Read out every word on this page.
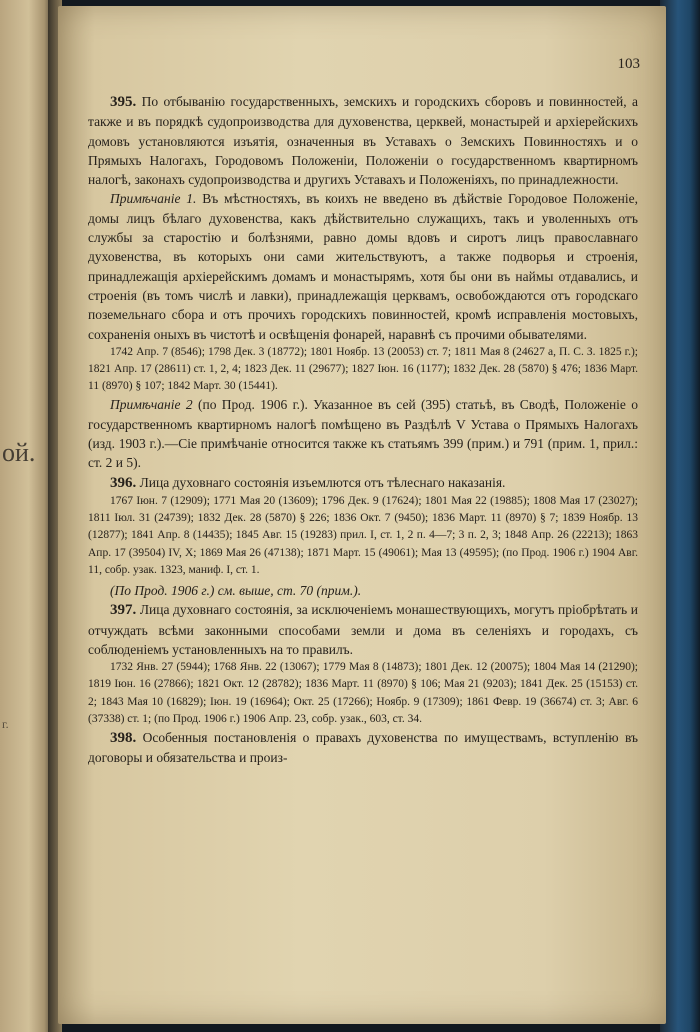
ой.
г.
103

395. По отбыванію государственныхъ, земскихъ и городскихъ сборовъ и повинностей, а также и въ порядкѣ судопроизводства для духовенства, церквей, монастырей и архіерейскихъ домовъ установляются изъятія, означенныя въ Уставахъ о Земскихъ Повинностяхъ и о Прямыхъ Налогахъ, Городовомъ Положеніи, Положеніи о государственномъ квартирномъ налогѣ, законахъ судопроизводства и другихъ Уставахъ и Положеніяхъ, по принадлежности.

Примѣчаніе 1. Въ мѣстностяхъ, въ коихъ не введено въ дѣйствіе Городовое Положеніе, домы лицъ бѣлаго духовенства, какъ дѣйствительно служащихъ, такъ и уволенныхъ отъ службы за старостію и болѣзнями, равно домы вдовъ и сиротъ лицъ православнаго духовенства, въ которыхъ они сами жительствуютъ, а также подворья и строенія, принадлежащія архіерейскимъ домамъ и монастырямъ, хотя бы они въ наймы отдавались, и строенія (въ томъ числѣ и лавки), принадлежащія церквамъ, освобождаются отъ городскаго поземельнаго сбора и отъ прочихъ городскихъ повинностей, кромѣ исправленія мостовыхъ, сохраненія оныхъ въ чистотѣ и освѣщенія фонарей, наравнѣ съ прочими обывателями.

1742 Апр. 7 (8546); 1798 Дек. 3 (18772); 1801 Ноябр. 13 (20053) ст. 7; 1811 Мая 8 (24627 а, П. С. З. 1825 г.); 1821 Апр. 17 (28611) ст. 1, 2, 4; 1823 Дек. 11 (29677); 1827 Іюн. 16 (1177); 1832 Дек. 28 (5870) § 476; 1836 Март. 11 (8970) § 107; 1842 Март. 30 (15441).

Примѣчаніе 2 (по Прод. 1906 г.). Указанное въ сей (395) статьѣ, въ Сводѣ, Положеніе о государственномъ квартирномъ налогѣ помѣщено въ Раздѣлѣ V Устава о Прямыхъ Налогахъ (изд. 1903 г.).—Сіе примѣчаніе относится также къ статьямъ 399 (прим.) и 791 (прим. 1, прил.: ст. 2 и 5).

396. Лица духовнаго состоянія изъемлются отъ тѣлеснаго наказанія.

1767 Іюн. 7 (12909); 1771 Мая 20 (13609); 1796 Дек. 9 (17624); 1801 Мая 22 (19885); 1808 Мая 17 (23027); 1811 Іюл. 31 (24739); 1832 Дек. 28 (5870) § 226; 1836 Окт. 7 (9450); 1836 Март. 11 (8970) § 7; 1839 Ноябр. 13 (12877); 1841 Апр. 8 (14435); 1845 Авг. 15 (19283) прил. І, ст. 1, 2 п. 4—7; 3 п. 2, 3; 1848 Апр. 26 (22213); 1863 Апр. 17 (39504) IV, X; 1869 Мая 26 (47138); 1871 Март. 15 (49061); Мая 13 (49595); (по Прод. 1906 г.) 1904 Авг. 11, собр. узак. 1323, маниф. І, ст. 1.

(По Прод. 1906 г.) см. выше, ст. 70 (прим.).

397. Лица духовнаго состоянія, за исключеніемъ монашествующихъ, могутъ пріобрѣтать и отчуждать всѣми законными способами земли и дома въ селеніяхъ и городахъ, съ соблюденіемъ установленныхъ на то правилъ.

1732 Янв. 27 (5944); 1768 Янв. 22 (13067); 1779 Мая 8 (14873); 1801 Дек. 12 (20075); 1804 Мая 14 (21290); 1819 Іюн. 16 (27866); 1821 Окт. 12 (28782); 1836 Март. 11 (8970) § 106; Мая 21 (9203); 1841 Дек. 25 (15153) ст. 2; 1843 Мая 10 (16829); Іюн. 19 (16964); Окт. 25 (17266); Ноябр. 9 (17309); 1861 Февр. 19 (36674) ст. 3; Авг. 6 (37338) ст. 1; (по Прод. 1906 г.) 1906 Апр. 23, собр. узак., 603, ст. 34.

398. Особенныя постановленія о правахъ духовенства по имуществамъ, вступленію въ договоры и обязательства и произ-
